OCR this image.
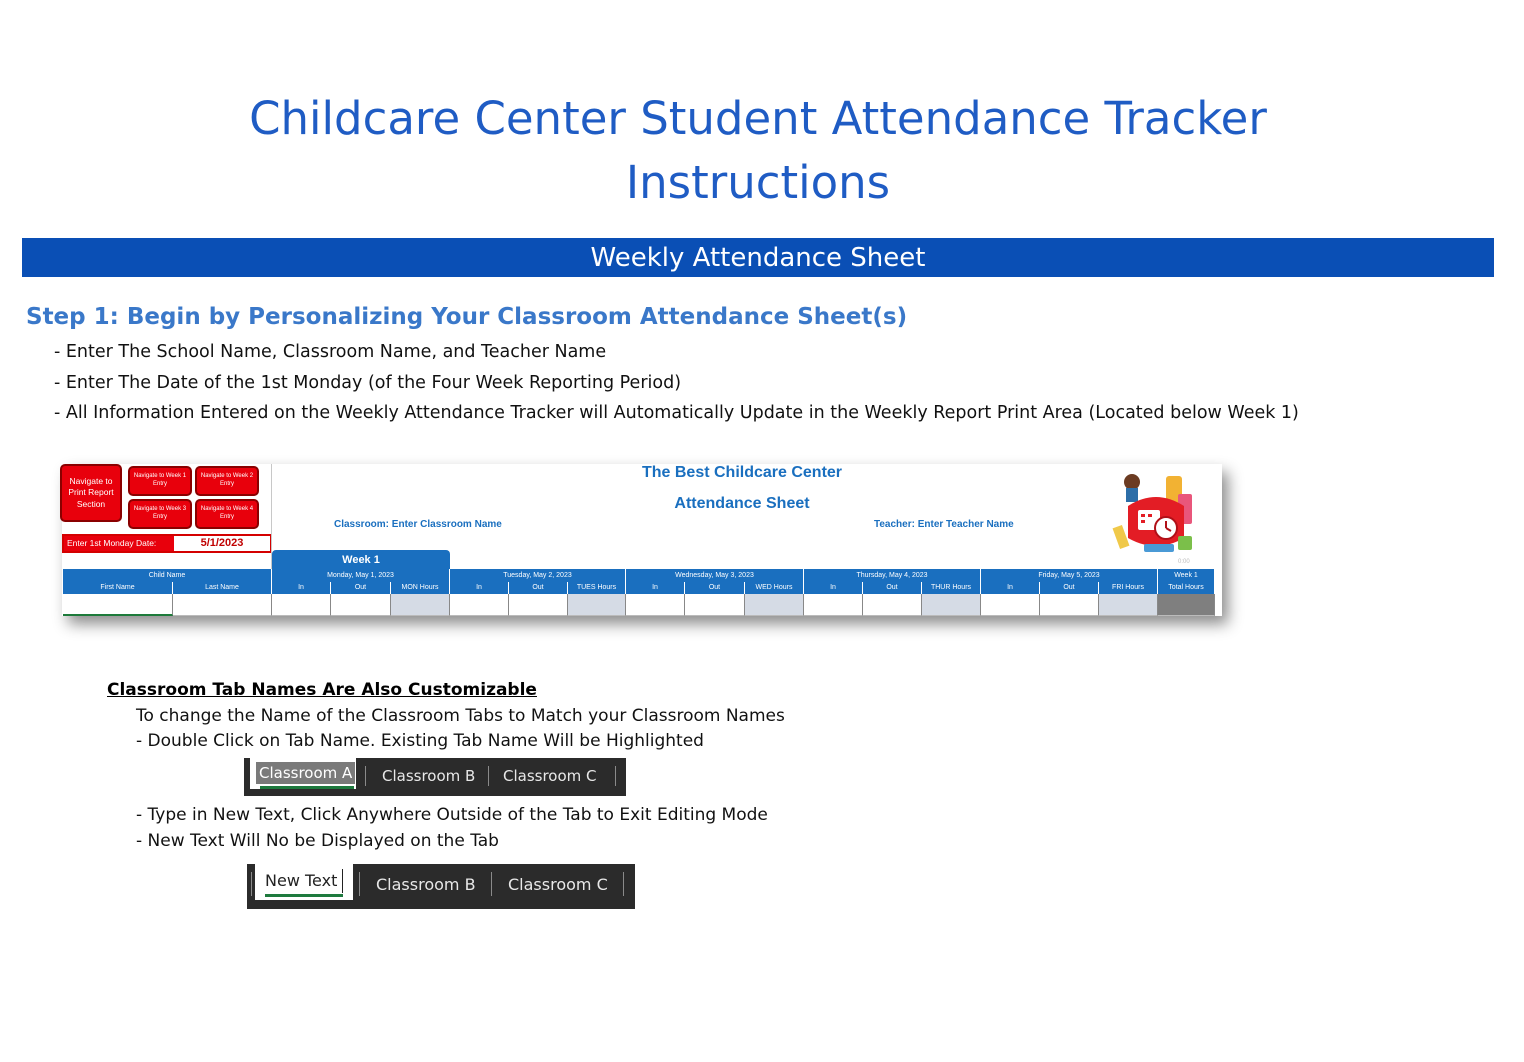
Childcare Center Student Attendance Tracker
Instructions
Weekly Attendance Sheet
Step 1: Begin by Personalizing Your Classroom Attendance Sheet(s)
- Enter The School Name, Classroom Name, and Teacher Name
- Enter The Date of the 1st Monday (of the Four Week Reporting Period)
- All Information Entered on the Weekly Attendance Tracker will Automatically Update in the Weekly Report Print Area (Located below Week 1)
Navigate to Print Report Section
Navigate to Week 1 Entry
Navigate to Week 2 Entry
Navigate to Week 3 Entry
Navigate to Week 4 Entry
Enter 1st Monday Date:	5/1/2023
The Best Childcare Center
Attendance Sheet
Classroom: Enter Classroom Name	Teacher: Enter Teacher Name
0:00
Week 1
Child Name	Monday, May 1, 2023	Tuesday, May 2, 2023	Wednesday, May 3, 2023	Thursday, May 4, 2023	Friday, May 5, 2023	Week 1
First Name	Last Name	In	Out	MON Hours	In	Out	TUES Hours	In	Out	WED Hours	In	Out	THUR Hours	In	Out	FRI Hours	Total Hours
Classroom Tab Names Are Also Customizable
To change the Name of the Classroom Tabs to Match your Classroom Names
- Double Click on Tab Name. Existing Tab Name Will be Highlighted
Classroom A Classroom B Classroom C
- Type in New Text, Click Anywhere Outside of the Tab to Exit Editing Mode
- New Text Will No be Displayed on the Tab
New Text Classroom B Classroom C
